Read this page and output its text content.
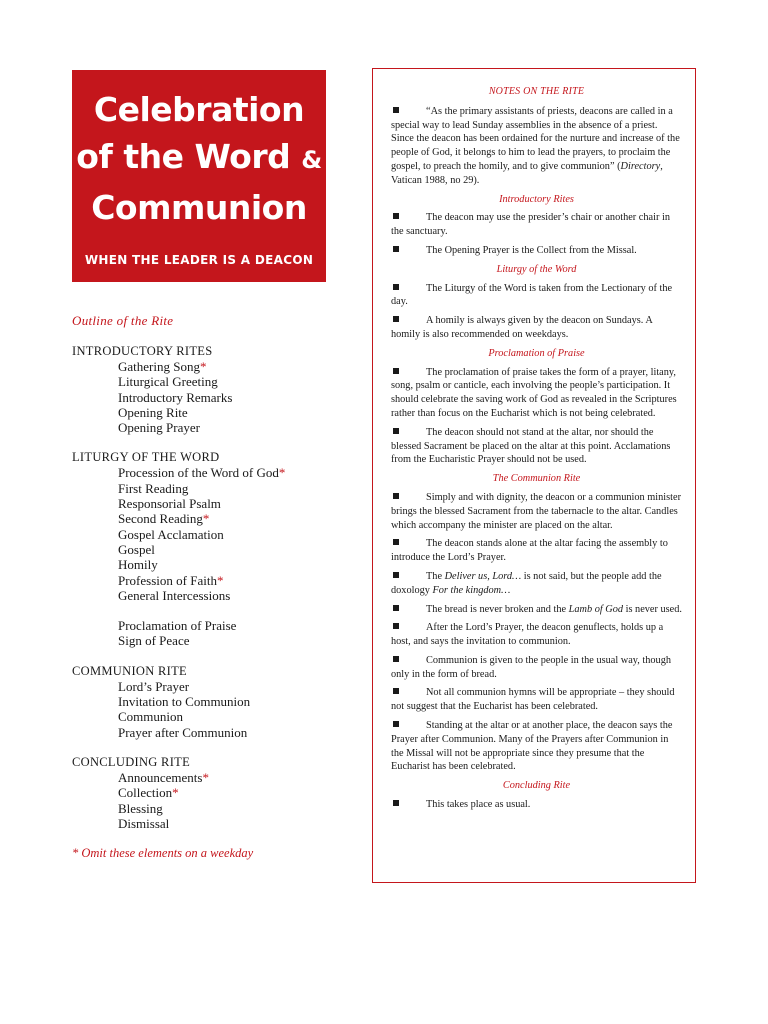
Celebration
of the Word &
Communion
WHEN THE LEADER IS A DEACON
Outline of the Rite
INTRODUCTORY RITES
Gathering Song*
Liturgical Greeting
Introductory Remarks
Opening Rite
Opening Prayer
LITURGY OF THE WORD
Procession of the Word of God*
First Reading
Responsorial Psalm
Second Reading*
Gospel Acclamation
Gospel
Homily
Profession of Faith*
General Intercessions
Proclamation of Praise
Sign of Peace
COMMUNION RITE
Lord’s Prayer
Invitation to Communion
Communion
Prayer after Communion
CONCLUDING RITE
Announcements*
Collection*
Blessing
Dismissal
* Omit these elements on a weekday
NOTES ON THE RITE
“As the primary assistants of priests, deacons are called in a special way to lead Sunday assemblies in the absence of a priest. Since the deacon has been ordained for the nurture and increase of the people of God, it belongs to him to lead the prayers, to proclaim the gospel, to preach the homily, and to give communion” (Directory, Vatican 1988, no 29).
Introductory Rites
The deacon may use the presider’s chair or another chair in the sanctuary.
The Opening Prayer is the Collect from the Missal.
Liturgy of the Word
The Liturgy of the Word is taken from the Lectionary of the day.
A homily is always given by the deacon on Sundays. A homily is also recommended on weekdays.
Proclamation of Praise
The proclamation of praise takes the form of a prayer, litany, song, psalm or canticle, each involving the people’s participation. It should celebrate the saving work of God as revealed in the Scriptures rather than focus on the Eucharist which is not being celebrated.
The deacon should not stand at the altar, nor should the blessed Sacrament be placed on the altar at this point. Acclamations from the Eucharistic Prayer should not be used.
The Communion Rite
Simply and with dignity, the deacon or a communion minister brings the blessed Sacrament from the tabernacle to the altar. Candles which accompany the minister are placed on the altar.
The deacon stands alone at the altar facing the assembly to introduce the Lord’s Prayer.
The Deliver us, Lord… is not said, but the people add the doxology For the kingdom…
The bread is never broken and the Lamb of God is never used.
After the Lord’s Prayer, the deacon genuflects, holds up a host, and says the invitation to communion.
Communion is given to the people in the usual way, though only in the form of bread.
Not all communion hymns will be appropriate – they should not suggest that the Eucharist has been celebrated.
Standing at the altar or at another place, the deacon says the Prayer after Communion. Many of the Prayers after Communion in the Missal will not be appropriate since they presume that the Eucharist has been celebrated.
Concluding Rite
This takes place as usual.
